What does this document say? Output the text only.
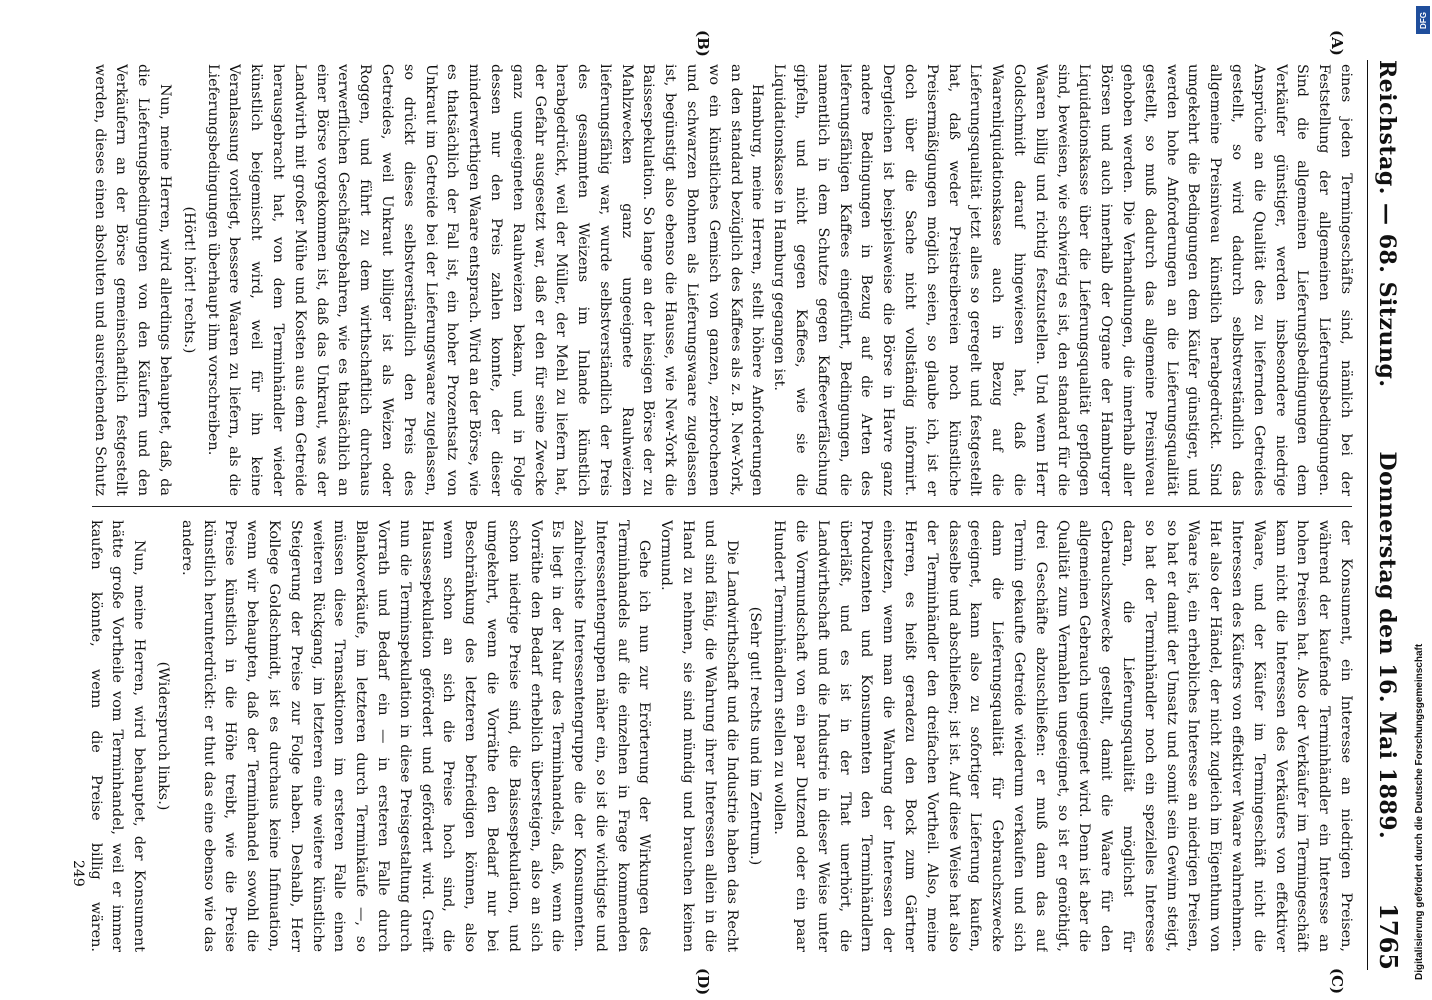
Reichstag. — 68. Sitzung.
Donnerstag den 16. Mai 1889.
1765
(A)
(B)
(C)
(D)

eines jeden Termingeschäfts sind, nämlich bei der Feststellung der allgemeinen Lieferungsbedingungen. Sind die allgemeinen Lieferungsbedingungen dem Verkäufer günstiger, werden insbesondere niedrige Ansprüche an die Qualität des zu liefernden Getreides gestellt, so wird dadurch selbstverständlich das allgemeine Preisniveau künstlich herabgedrückt. Sind umgekehrt die Bedingungen dem Käufer günstiger, und werden hohe Anforderungen an die Lieferungsqualität gestellt, so muß dadurch das allgemeine Preisniveau gehoben werden. Die Verhandlungen, die innerhalb aller Börsen und auch innerhalb der Organe der Hamburger Liquidationskasse über die Lieferungsqualität gepflogen sind, beweisen, wie schwierig es ist, den standard für die Waaren billig und richtig festzustellen. Und wenn Herr Goldschmidt darauf hingewiesen hat, daß die Waarenliquidationskasse auch in Bezug auf die Lieferungsqualität jetzt alles so geregelt und festgestellt hat, daß weder Preistreibereien noch künstliche Preisermäßigungen möglich seien, so glaube ich, ist er doch über die Sache nicht vollständig informirt. Dergleichen ist beispielsweise die Börse in Havre ganz andere Bedingungen in Bezug auf die Arten des lieferungsfähigen Kaffees eingeführt, Bedingungen, die namentlich in dem Schutze gegen Kaffeeverfälschung gipfeln, und nicht gegen Kaffees, wie sie die Liquidationskasse in Hamburg gegangen ist.

Hamburg, meine Herren, stellt höhere Anforderungen an den standard bezüglich des Kaffees als z. B. New-York, wo ein künstliches Gemisch von ganzen, zerbrochenen und schwarzen Bohnen als Lieferungswaare zugelassen ist, begünstigt also ebenso die Hausse, wie New-York die Baissespekulation. So lange an der hiesigen Börse der zu Mahlzwecken ganz ungeeignete Rauhweizen lieferungsfähig war, wurde selbstverständlich der Preis des gesammten Weizens im Inlande künstlich herabgedrückt, weil der Müller, der Mehl zu liefern hat, der Gefahr ausgesetzt war, daß er den für seine Zwecke ganz ungeeigneten Rauhweizen bekam, und in Folge dessen nur den Preis zahlen konnte, der dieser minderwerthigen Waare entsprach. Wird an der Börse, wie es thatsächlich der Fall ist, ein hoher Prozentsatz von Unkraut im Getreide bei der Lieferungswaare zugelassen, so drückt dieses selbstverständlich den Preis des Getreides, weil Unkraut billiger ist als Weizen oder Roggen, und führt zu dem wirthschaftlich durchaus verwerflichen Geschäftsgebahren, wie es thatsächlich an einer Börse vorgekommen ist, daß das Unkraut, was der Landwirth mit großer Mühe und Kosten aus dem Getreide herausgebracht hat, von dem Terminhändler wieder künstlich beigemischt wird, weil für ihn keine Veranlassung vorliegt, bessere Waaren zu liefern, als die Lieferungsbedingungen überhaupt ihm vorschreiben.

(Hört! hört! rechts.)

Nun, meine Herren, wird allerdings behauptet, daß, da die Lieferungsbedingungen von den Käufern und den Verkäufern an der Börse gemeinschaftlich festgestellt werden, dieses einen absoluten und ausreichenden Schutz

der Konsument, ein Interesse an niedrigen Preisen, während der kaufende Terminhändler ein Interesse an hohen Preisen hat. Also der Verkäufer im Termingeschäft kann nicht die Interessen des Verkäufers von effektiver Waare, und der Käufer im Termingeschäft nicht die Interessen des Käufers von effektiver Waare wahrnehmen. Hat also der Händel, der nicht zugleich im Eigenthum von Waare ist, ein erhebliches Interesse an niedrigen Preisen, so hat er damit der Umsatz und somit sein Gewinn steigt, so hat der Terminhändler noch ein spezielles Interesse daran, die Lieferungsqualität möglichst für Gebrauchszwecke gestellt, damit die Waare für den allgemeinen Gebrauch ungeeignet wird. Denn ist aber die Qualität zum Vermahlen ungeeignet, so ist er genöthigt, drei Geschäfte abzuschließen: er muß dann das auf Termin gekaufte Getreide wiederum verkaufen und sich dann die Lieferungsqualität für Gebrauchszwecke geeignet, kann also zu sofortiger Lieferung kaufen, dasselbe und abschließen; ist ist. Auf diese Weise hat also der Terminhändler den dreifachen Vortheil. Also, meine Herren, es heißt geradezu den Bock zum Gärtner einsetzen, wenn man die Wahrung der Interessen der Produzenten und Konsumenten den Terminhändlern überläßt, und es ist in der That unerhört, die Landwirthschaft und die Industrie in dieser Weise unter die Vormundschaft von ein paar Dutzend oder ein paar Hundert Terminhändlern stellen zu wollen.

(Sehr gut! rechts und im Zentrum.)

Die Landwirthschaft und die Industrie haben das Recht und sind fähig, die Wahrung ihrer Interessen allein in die Hand zu nehmen, sie sind mündig und brauchen keinen Vormund.

Gehe ich nun zur Erörterung der Wirkungen des Terminhandels auf die einzelnen in Frage kommenden Interessentengruppen näher ein, so ist die wichtigste und zahlreichste Interessentengruppe die der Konsumenten. Es liegt in der Natur des Terminhandels, daß, wenn die Vorräthe den Bedarf erheblich übersteigen, also an sich schon niedrige Preise sind, die Baissespekulation, und umgekehrt, wenn die Vorräthe den Bedarf nur bei Beschränkung des letzteren befriedigen können, also wenn schon an sich die Preise hoch sind, die Haussespekulation gefördert und gefördert wird. Greift nun die Terminspekulation in diese Preisgestaltung durch Vorrath und Bedarf ein — in ersteren Falle durch Blankoverkäufe, im letzteren durch Terminkäufe —, so müssen diese Transaktionen im ersteren Falle einen weiteren Rückgang, im letzteren eine weitere künstliche Steigerung der Preise zur Folge haben. Deshalb, Herr Kollege Goldschmidt, ist es durchaus keine Infinuation, wenn wir behaupten, daß der Terminhandel sowohl die Preise künstlich in die Höhe treibt, wie die Preise künstlich herunterdrückt: er thut das eine ebenso wie das andere.

(Widerspruch links.)

Nun, meine Herren, wird behauptet, der Konsument hätte große Vortheile vom Terminhandel, weil er immer kaufen könnte, wenn die Preise billig wären.

249
DFG
Digitalisierung gefördert durch die Deutsche Forschungsgemeinschaft
